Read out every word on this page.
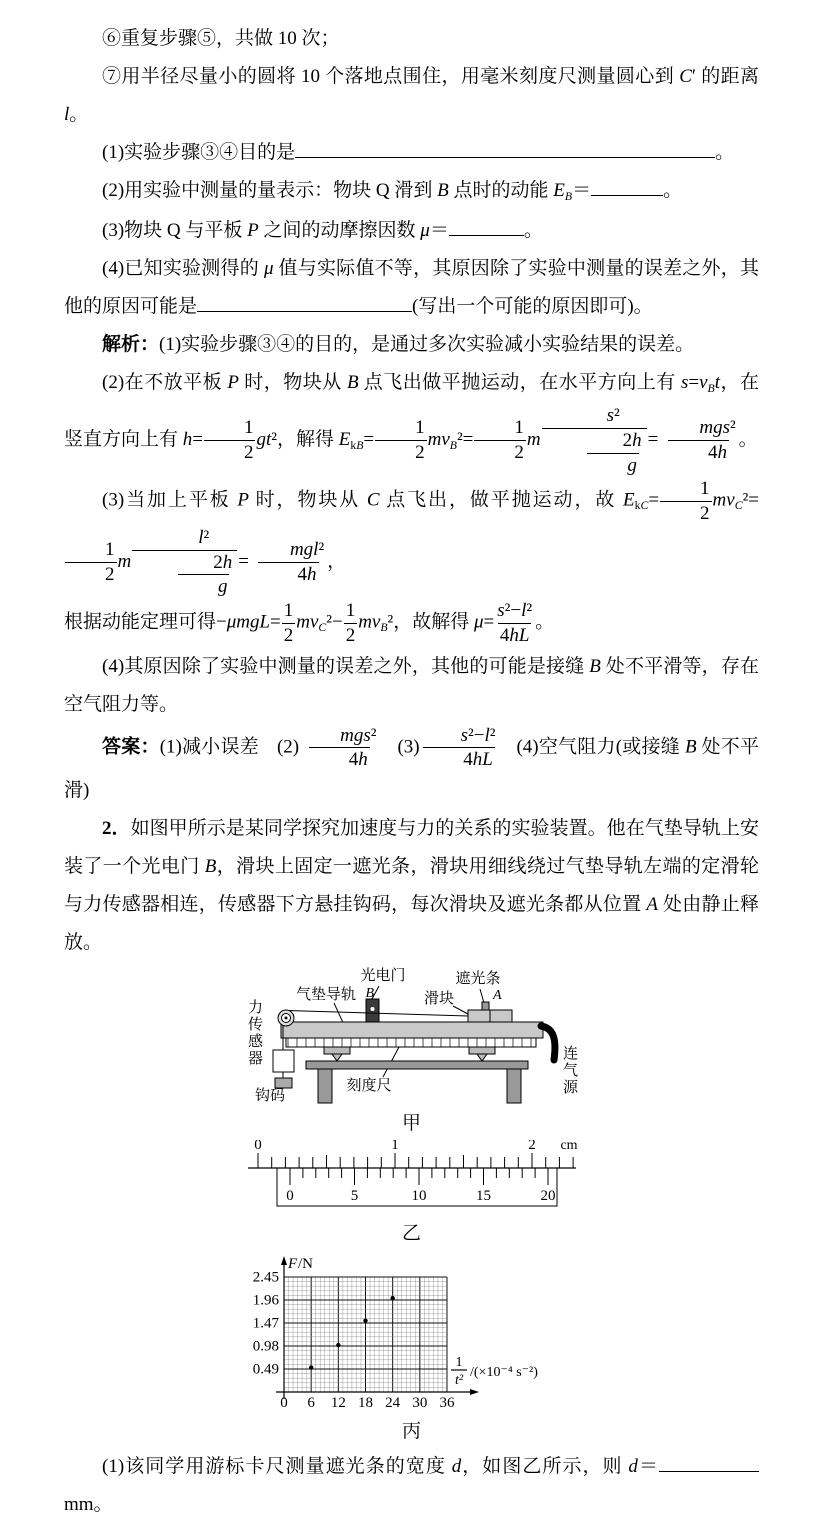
⑥重复步骤⑤，共做 10 次；
⑦用半径尽量小的圆将 10 个落地点围住，用毫米刻度尺测量圆心到 C′ 的距离 l。
(1)实验步骤③④目的是	。
(2)用实验中测量的量表示：物块 Q 滑到 B 点时的动能 EB＝	。
(3)物块 Q 与平板 P 之间的动摩擦因数 μ＝	。
(4)已知实验测得的 μ 值与实际值不等，其原因除了实验中测量的误差之外，其他的原因可能是	(写出一个可能的原因即可)。
解析：(1)实验步骤③④的目的，是通过多次实验减小实验结果的误差。
(2)在不放平板 P 时，物块从 B 点飞出做平抛运动，在水平方向上有 s=vBt，在竖直方向上有 $h= \frac{1}{2} gt^2$，解得 $EkB= \frac{1}{2} mvB^2= \frac{1}{2}$ m $\frac{\text{s²}}{\frac{2h}{g}}$ =
mgs²
4h
。
(3)当加上平板 P 时，物块从 C 点飞出，做平抛运动，故 $EkC= \frac{1}{2} mvC^2=$
$\frac{1}{2}$ m $\frac{\text{l²}}{\frac{2h}{g}}$ =
mgl²
4h
，
根据动能定理可得$-\mu mgL= \frac{1}{2} mvC^2- \frac{1}{2} mvB^2$，故解得 $\mu= \frac{\text{s²−l²}}{4hL}$ 。
(4)其原因除了实验中测量的误差之外，其他的可能是接缝 B 处不平滑等，存在空气阻力等。
答案：(1)减小误差 (2)
mgs²
4h
$(3) \frac{\text{s²−l²}}{4hL} (4)$空气阻力(或接缝 B 处不平滑)
2．如图甲所示是某同学探究加速度与力的关系的实验装置。他在气垫导轨上安装了一个光电门 B，滑块上固定一遮光条，滑块用细线绕过气垫导轨左端的定滑轮与力传感器相连，传感器下方悬挂钩码，每次滑块及遮光条都从位置 A 处由静止释放。
光电门
B
气垫导轨
遮光条
A
滑块
力传感器
钩码
刻度尺
连气源
甲
0	1	2 cm
0	5	10	15	20
乙
0 6 12 18 24 30 36
0.49
0.98
1.47
1.96
2.45
F /N
1
t²
/(×10⁻⁴ s⁻²)
丙
(1)该同学用游标卡尺测量遮光条的宽度 d，如图乙所示，则 d＝ mm。
